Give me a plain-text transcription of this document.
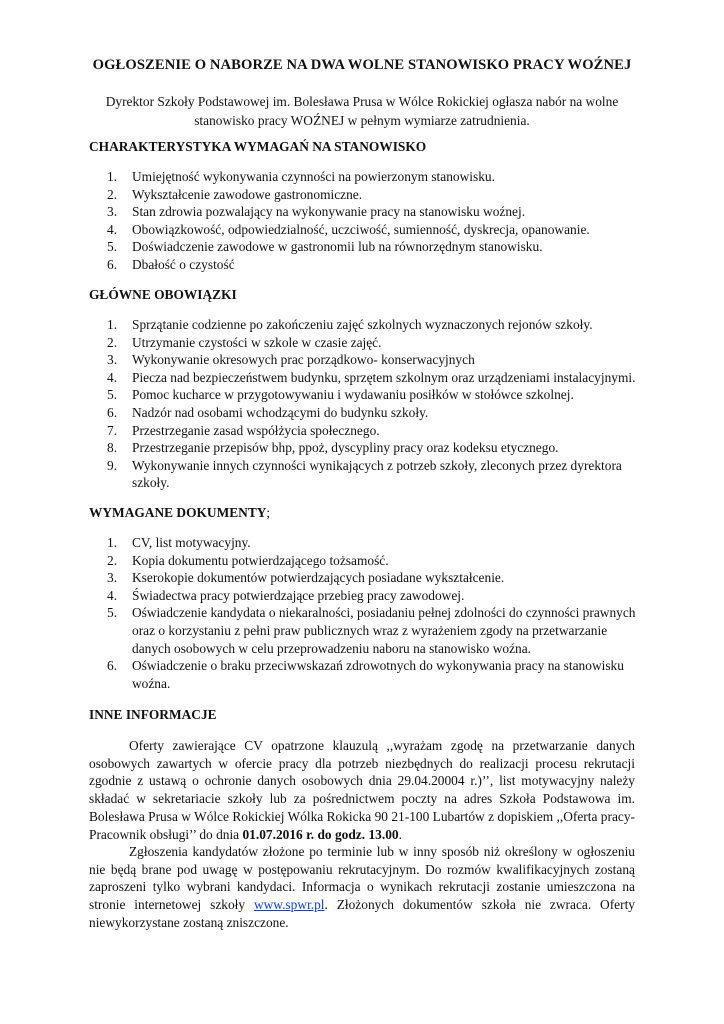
OGŁOSZENIE O NABORZE NA DWA WOLNE STANOWISKO PRACY WOŹNEJ
Dyrektor Szkoły Podstawowej im. Bolesława Prusa w Wólce Rokickiej ogłasza nabór na wolne
stanowisko pracy WOŹNEJ w pełnym wymiarze zatrudnienia.
CHARAKTERYSTYKA WYMAGAŃ NA STANOWISKO
1. Umiejętność wykonywania czynności na powierzonym stanowisku.
2. Wykształcenie zawodowe gastronomiczne.
3. Stan zdrowia pozwalający na wykonywanie pracy na stanowisku woźnej.
4. Obowiązkowość, odpowiedzialność, uczciwość, sumienność, dyskrecja, opanowanie.
5. Doświadczenie zawodowe w gastronomii lub na równorzędnym stanowisku.
6. Dbałość o czystość
GŁÓWNE OBOWIĄZKI
1. Sprzątanie codzienne po zakończeniu zajęć szkolnych wyznaczonych rejonów szkoły.
2. Utrzymanie czystości w szkole w czasie zajęć.
3. Wykonywanie okresowych prac porządkowo- konserwacyjnych
4. Piecza nad bezpieczeństwem budynku, sprzętem szkolnym oraz urządzeniami instalacyjnymi.
5. Pomoc kucharce w przygotowywaniu i wydawaniu posiłków w stołówce szkolnej.
6. Nadzór nad osobami wchodzącymi do budynku szkoły.
7. Przestrzeganie zasad współżycia społecznego.
8. Przestrzeganie przepisów bhp, ppoż, dyscypliny pracy oraz kodeksu etycznego.
9. Wykonywanie innych czynności wynikających z potrzeb szkoły, zleconych przez dyrektora szkoły.
WYMAGANE DOKUMENTY;
1. CV, list motywacyjny.
2. Kopia dokumentu potwierdzającego tożsamość.
3. Kserokopie dokumentów potwierdzających posiadane wykształcenie.
4. Świadectwa pracy potwierdzające przebieg pracy zawodowej.
5. Oświadczenie kandydata o niekaralności, posiadaniu pełnej zdolności do czynności prawnych oraz o korzystaniu z pełni praw publicznych wraz z wyrażeniem zgody na przetwarzanie danych osobowych w celu przeprowadzeniu naboru na stanowisko woźna.
6. Oświadczenie o braku przeciwwskazań zdrowotnych do wykonywania pracy na stanowisku woźna.
INNE INFORMACJE
Oferty zawierające CV opatrzone klauzulą ,,wyrażam zgodę na przetwarzanie danych osobowych zawartych w ofercie pracy dla potrzeb niezbędnych do realizacji procesu rekrutacji zgodnie z ustawą o ochronie danych osobowych dnia 29.04.20004 r.)’’, list motywacyjny należy składać w sekretariacie szkoły lub za pośrednictwem poczty na adres Szkoła Podstawowa im. Bolesława Prusa w Wólce Rokickiej Wólka Rokicka 90 21-100 Lubartów z dopiskiem ,,Oferta pracy-Pracownik obsługi’’ do dnia 01.07.2016 r. do godz. 13.00.
Zgłoszenia kandydatów złożone po terminie lub w inny sposób niż określony w ogłoszeniu nie będą brane pod uwagę w postępowaniu rekrutacyjnym. Do rozmów kwalifikacyjnych zostaną zaproszeni tylko wybrani kandydaci. Informacja o wynikach rekrutacji zostanie umieszczona na stronie internetowej szkoły www.spwr.pl. Złożonych dokumentów szkoła nie zwraca. Oferty niewykorzystane zostaną zniszczone.
